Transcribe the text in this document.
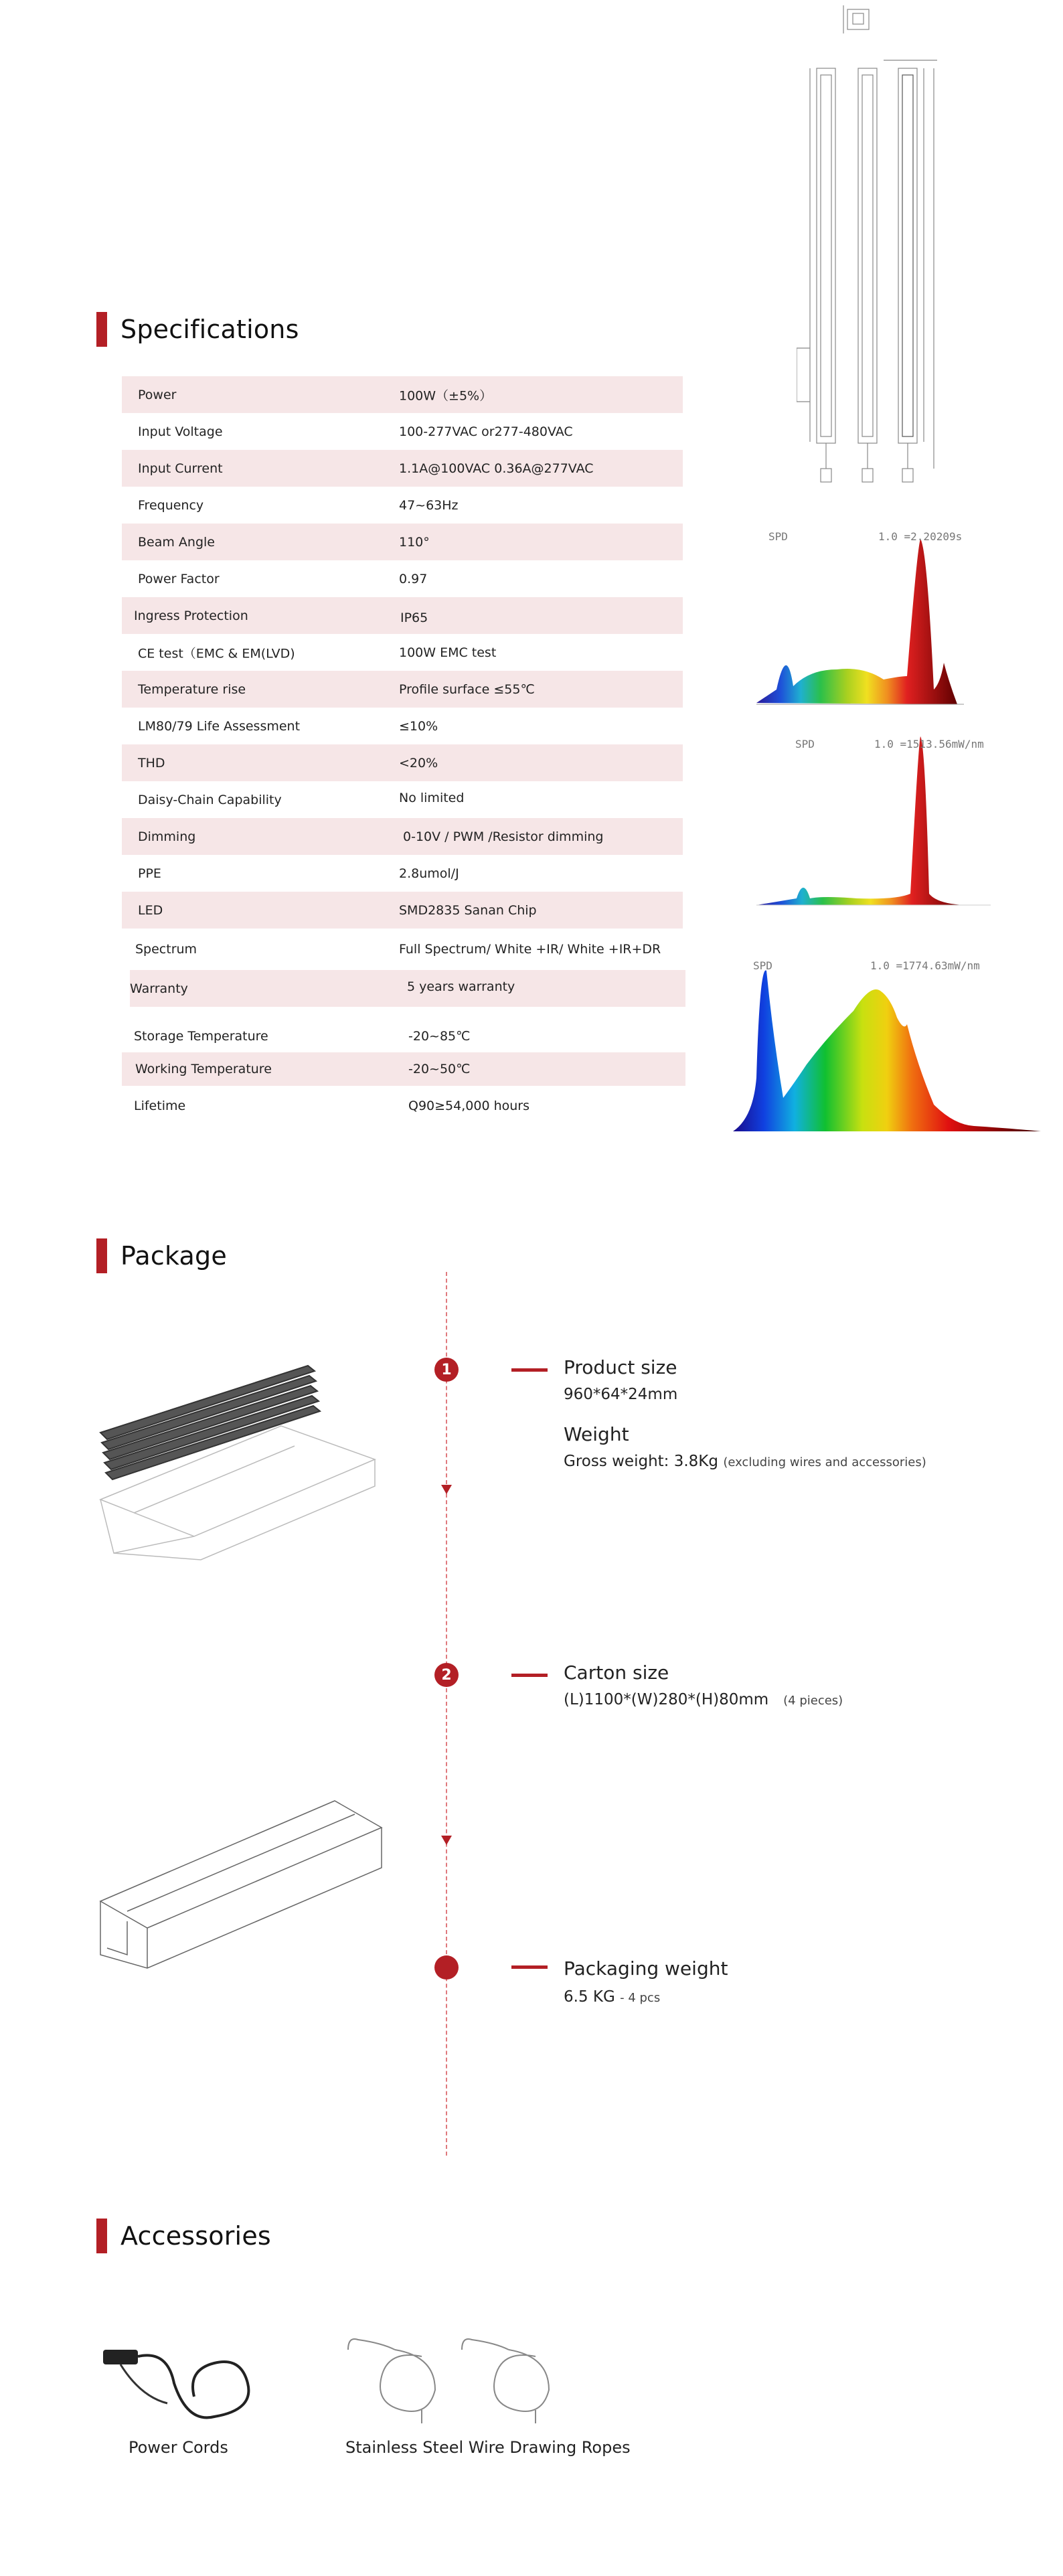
Specifications
Power	100W（±5%）
Input Voltage	100-277VAC or277-480VAC
Input Current	1.1A@100VAC 0.36A@277VAC
Frequency	47~63Hz
Beam Angle	110°
Power Factor	0.97
Ingress Protection	IP65
CE test（EMC & EM(LVD)	100W EMC test
Temperature rise	Profile surface ≤55℃
LM80/79 Life Assessment	≤10%
THD	<20%
Daisy-Chain Capability	No limited
Dimming	0-10V / PWM /Resistor dimming
PPE	2.8umol/J
LED	SMD2835 Sanan Chip
Spectrum	Full Spectrum/ White +IR/ White +IR+DR
Warranty	5 years warranty
Storage Temperature	-20~85℃
Working Temperature	-20~50℃
Lifetime	Q90≥54,000 hours
SPD	1.0 =2.20209s
SPD	1.0 =1513.56mW/nm
SPD	1.0 =1774.63mW/nm
Package
1	Product size
960*64*24mm
Weight
Gross weight: 3.8Kg (excluding wires and accessories)
2	Carton size
(L)1100*(W)280*(H)80mm (4 pieces)
Packaging weight
6.5 KG - 4 pcs
Accessories
Power Cords	Stainless Steel Wire Drawing Ropes
